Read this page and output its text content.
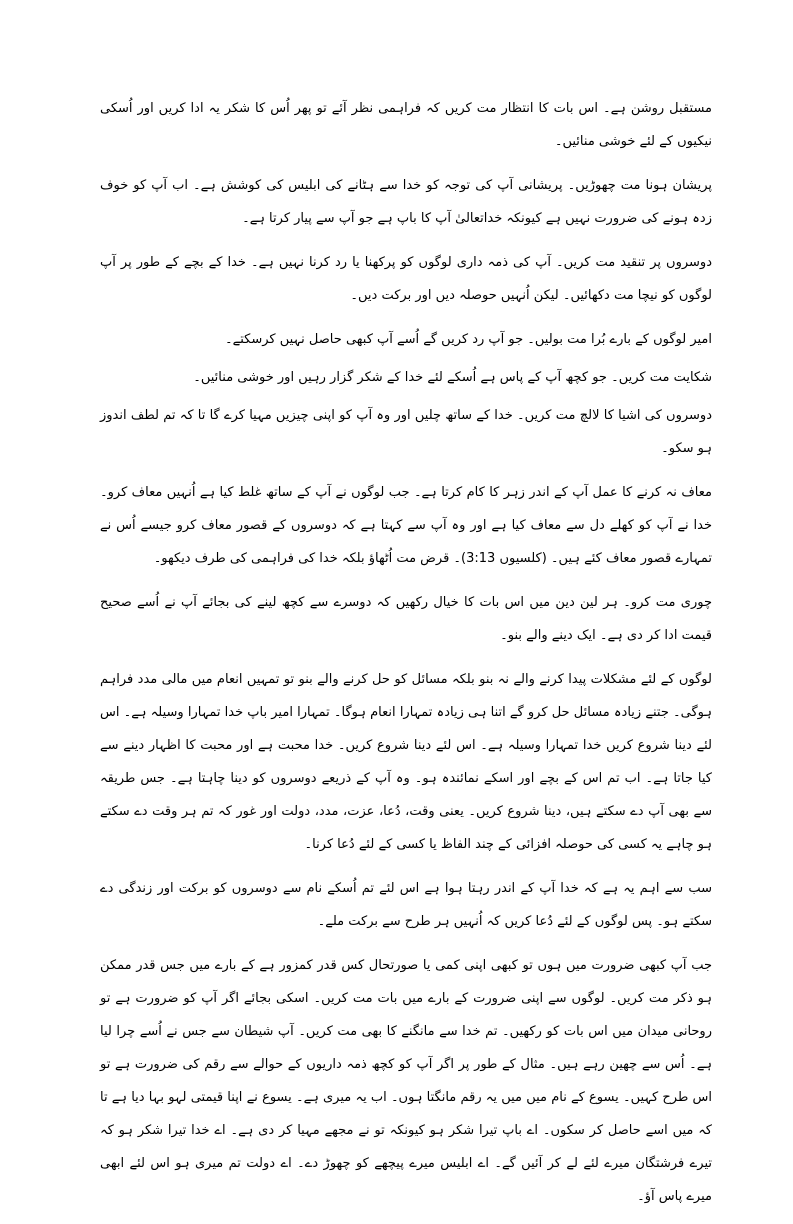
مستقبل روشن ہے۔ اس بات کا انتظار مت کریں کہ فراہمی نظر آئے تو پھر اُس کا شکر یہ ادا کریں اور اُسکی نیکیوں کے لئے خوشی منائیں۔

پریشان ہونا مت چھوڑیں۔ پریشانی آپ کی توجہ کو خدا سے ہٹانے کی ابلیس کی کوشش ہے۔ اب آپ کو خوف زدہ ہونے کی ضرورت نہیں ہے کیونکہ خداتعالیٰ آپ کا باپ ہے جو آپ سے پیار کرتا ہے۔

دوسروں پر تنقید مت کریں۔ آپ کی ذمہ داری لوگوں کو پرکھنا یا رد کرنا نہیں ہے۔ خدا کے بچے کے طور پر آپ لوگوں کو نیچا مت دکھائیں۔ لیکن اُنہیں حوصلہ دیں اور برکت دیں۔

امیر لوگوں کے بارے بُرا مت بولیں۔ جو آپ رد کریں گے اُسے آپ کبھی حاصل نہیں کرسکتے۔

شکایت مت کریں۔ جو کچھ آپ کے پاس ہے اُسکے لئے خدا کے شکر گزار رہیں اور خوشی منائیں۔

دوسروں کی اشیا کا لالچ مت کریں۔ خدا کے ساتھ چلیں اور وہ آپ کو اپنی چیزیں مہیا کرے گا تا کہ تم لطف اندوز ہو سکو۔

معاف نہ کرنے کا عمل آپ کے اندر زہر کا کام کرتا ہے۔ جب لوگوں نے آپ کے ساتھ غلط کیا ہے اُنہیں معاف کرو۔ خدا نے آپ کو کھلے دل سے معاف کیا ہے اور وہ آپ سے کہتا ہے کہ دوسروں کے قصور معاف کرو جیسے اُس نے تمہارے قصور معاف کئے ہیں۔ (کلسیوں 3:13)۔ قرض مت اُٹھاؤ بلکہ خدا کی فراہمی کی طرف دیکھو۔

چوری مت کرو۔ ہر لین دین میں اس بات کا خیال رکھیں کہ دوسرے سے کچھ لینے کی بجائے آپ نے اُسے صحیح قیمت ادا کر دی ہے۔ ایک دینے والے بنو۔

لوگوں کے لئے مشکلات پیدا کرنے والے نہ بنو بلکہ مسائل کو حل کرنے والے بنو تو تمہیں انعام میں مالی مدد فراہم ہوگی۔ جتنے زیادہ مسائل حل کرو گے اتنا ہی زیادہ تمہارا انعام ہوگا۔ تمہارا امیر باپ خدا تمہارا وسیلہ ہے۔ اس لئے دینا شروع کریں خدا تمہارا وسیلہ ہے۔ اس لئے دینا شروع کریں۔ خدا محبت ہے اور محبت کا اظہار دینے سے کیا جاتا ہے۔ اب تم اس کے بچے اور اسکے نمائندہ ہو۔ وہ آپ کے ذریعے دوسروں کو دینا چاہتا ہے۔ جس طریقہ سے بھی آپ دے سکتے ہیں، دینا شروع کریں۔ یعنی وقت، دُعا، عزت، مدد، دولت اور غور کہ تم ہر وقت دے سکتے ہو چاہے یہ کسی کی حوصلہ افزائی کے چند الفاظ یا کسی کے لئے دُعا کرنا۔

سب سے اہم یہ ہے کہ خدا آپ کے اندر رہتا ہوا ہے اس لئے تم اُسکے نام سے دوسروں کو برکت اور زندگی دے سکتے ہو۔ پس لوگوں کے لئے دُعا کریں کہ اُنہیں ہر طرح سے برکت ملے۔

جب آپ کبھی ضرورت میں ہوں تو کبھی اپنی کمی یا صورتحال کس قدر کمزور ہے کے بارے میں جس قدر ممکن ہو ذکر مت کریں۔ لوگوں سے اپنی ضرورت کے بارے میں بات مت کریں۔ اسکی بجائے اگر آپ کو ضرورت ہے تو روحانی میدان میں اس بات کو رکھیں۔ تم خدا سے مانگنے کا بھی مت کریں۔ آپ شیطان سے جس نے اُسے چرا لیا ہے۔ اُس سے چھین رہے ہیں۔ مثال کے طور پر اگر آپ کو کچھ ذمہ داریوں کے حوالے سے رقم کی ضرورت ہے تو اس طرح کہیں۔ یسوع کے نام میں میں یہ رقم مانگتا ہوں۔ اب یہ میری ہے۔ یسوع نے اپنا قیمتی لہو بہا دیا ہے تا کہ میں اسے حاصل کر سکوں۔ اے باپ تیرا شکر ہو کیونکہ تو نے مجھے مہیا کر دی ہے۔ اے خدا تیرا شکر ہو کہ تیرے فرشتگان میرے لئے لے کر آئیں گے۔ اے ابلیس میرے پیچھے کو چھوڑ دے۔ اے دولت تم میری ہو اس لئے ابھی میرے پاس آؤ۔
